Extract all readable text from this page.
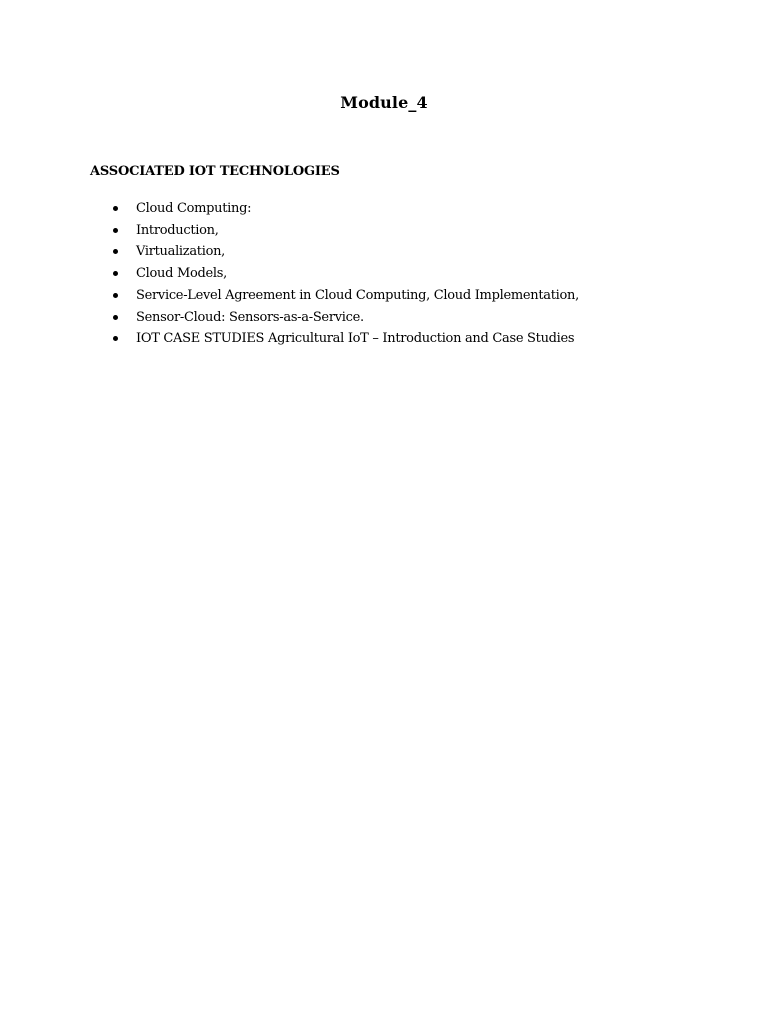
Module_4
ASSOCIATED IOT TECHNOLOGIES
Cloud Computing:
Introduction,
Virtualization,
Cloud Models,
Service-Level Agreement in Cloud Computing, Cloud Implementation,
Sensor-Cloud: Sensors-as-a-Service.
IOT CASE STUDIES Agricultural IoT – Introduction and Case Studies
